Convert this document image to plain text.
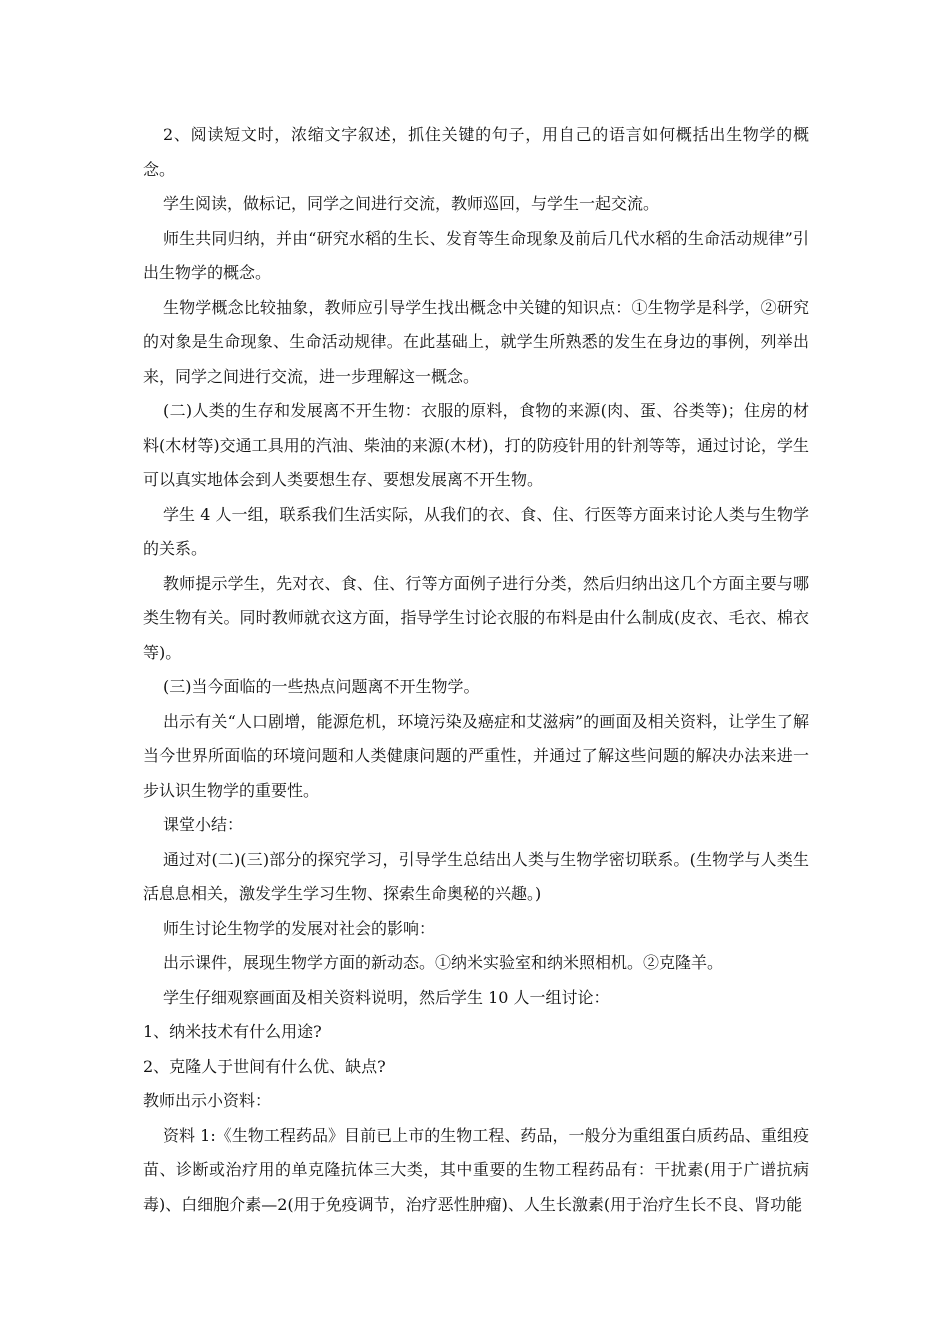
2、阅读短文时，浓缩文字叙述，抓住关键的句子，用自己的语言如何概括出生物学的概念。

学生阅读，做标记，同学之间进行交流，教师巡回，与学生一起交流。

师生共同归纳，并由“研究水稻的生长、发育等生命现象及前后几代水稻的生命活动规律”引出生物学的概念。

生物学概念比较抽象，教师应引导学生找出概念中关键的知识点：①生物学是科学，②研究的对象是生命现象、生命活动规律。在此基础上，就学生所熟悉的发生在身边的事例，列举出来，同学之间进行交流，进一步理解这一概念。

(二)人类的生存和发展离不开生物：衣服的原料，食物的来源(肉、蛋、谷类等)；住房的材料(木材等)交通工具用的汽油、柴油的来源(木材)，打的防疫针用的针剂等等，通过讨论，学生可以真实地体会到人类要想生存、要想发展离不开生物。

学生 4 人一组，联系我们生活实际，从我们的衣、食、住、行医等方面来讨论人类与生物学的关系。

教师提示学生，先对衣、食、住、行等方面例子进行分类，然后归纳出这几个方面主要与哪类生物有关。同时教师就衣这方面，指导学生讨论衣服的布料是由什么制成(皮衣、毛衣、棉衣等)。

(三)当今面临的一些热点问题离不开生物学。

出示有关“人口剧增，能源危机，环境污染及癌症和艾滋病”的画面及相关资料，让学生了解当今世界所面临的环境问题和人类健康问题的严重性，并通过了解这些问题的解决办法来进一步认识生物学的重要性。

课堂小结：

通过对(二)(三)部分的探究学习，引导学生总结出人类与生物学密切联系。(生物学与人类生活息息相关，激发学生学习生物、探索生命奥秘的兴趣。)

师生讨论生物学的发展对社会的影响：

出示课件，展现生物学方面的新动态。①纳米实验室和纳米照相机。②克隆羊。

学生仔细观察画面及相关资料说明，然后学生 10 人一组讨论：

1、纳米技术有什么用途?

2、克隆人于世间有什么优、缺点?

教师出示小资料：

资料 1:《生物工程药品》目前已上市的生物工程、药品，一般分为重组蛋白质药品、重组疫苗、诊断或治疗用的单克隆抗体三大类，其中重要的生物工程药品有：干扰素(用于广谱抗病毒)、白细胞介素—2(用于免疫调节，治疗恶性肿瘤)、人生长激素(用于治疗生长不良、肾功能
